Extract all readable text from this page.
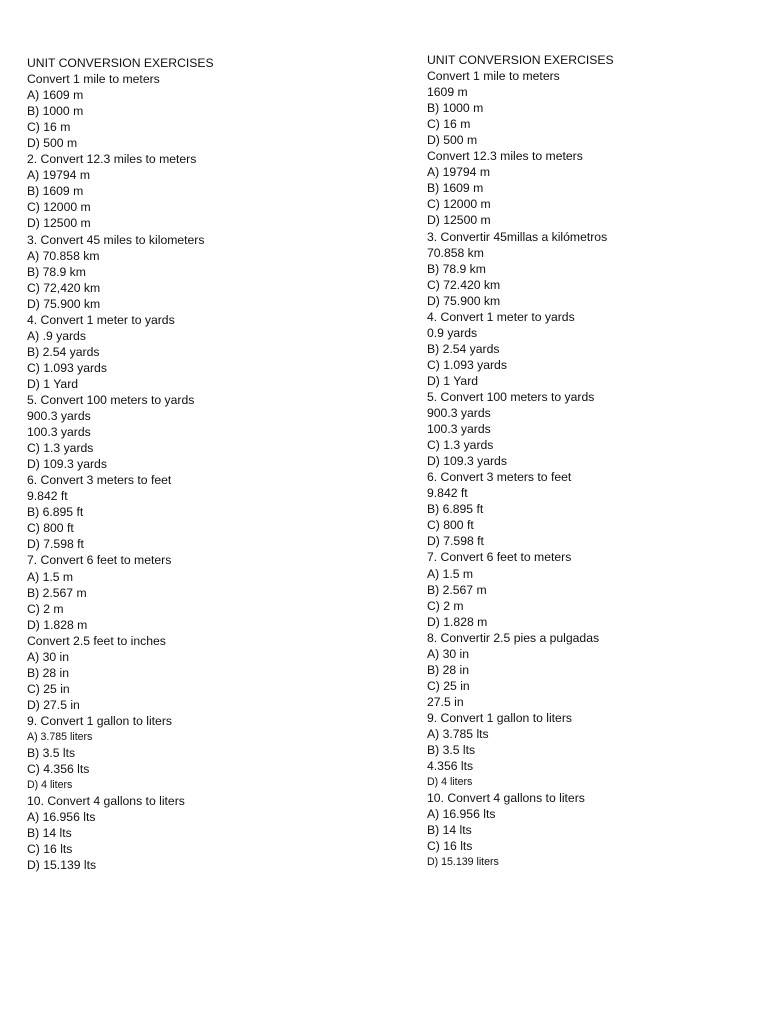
UNIT CONVERSION EXERCISES
Convert 1 mile to meters
A) 1609 m
B) 1000 m
C) 16 m
D) 500 m
2. Convert 12.3 miles to meters
A) 19794 m
B) 1609 m
C) 12000 m
D) 12500 m
3. Convert 45 miles to kilometers
A) 70.858 km
B) 78.9 km
C) 72,420 km
D) 75.900 km
4. Convert 1 meter to yards
A) .9 yards
B) 2.54 yards
C) 1.093 yards
D) 1 Yard
5. Convert 100 meters to yards
900.3 yards
100.3 yards
C) 1.3 yards
D) 109.3 yards
6. Convert 3 meters to feet
9.842 ft
B) 6.895 ft
C) 800 ft
D) 7.598 ft
7. Convert 6 feet to meters
A) 1.5 m
B) 2.567 m
C) 2 m
D) 1.828 m
Convert 2.5 feet to inches
A) 30 in
B) 28 in
C) 25 in
D) 27.5 in
9. Convert 1 gallon to liters
A) 3.785 liters
B) 3.5 lts
C) 4.356 lts
D) 4 liters
10. Convert 4 gallons to liters
A) 16.956 lts
B) 14 lts
C) 16 lts
D) 15.139 lts
UNIT CONVERSION EXERCISES
Convert 1 mile to meters
1609 m
B) 1000 m
C) 16 m
D) 500 m
Convert 12.3 miles to meters
A) 19794 m
B) 1609 m
C) 12000 m
D) 12500 m
3. Convertir 45millas a kilómetros
70.858 km
B) 78.9 km
C) 72.420 km
D) 75.900 km
4. Convert 1 meter to yards
0.9 yards
B) 2.54 yards
C) 1.093 yards
D) 1 Yard
5. Convert 100 meters to yards
900.3 yards
100.3 yards
C) 1.3 yards
D) 109.3 yards
6. Convert 3 meters to feet
9.842 ft
B) 6.895 ft
C) 800 ft
D) 7.598 ft
7. Convert 6 feet to meters
A) 1.5 m
B) 2.567 m
C) 2 m
D) 1.828 m
8. Convertir 2.5 pies a pulgadas
A) 30 in
B) 28 in
C) 25 in
27.5 in
9. Convert 1 gallon to liters
A) 3.785 lts
B) 3.5 lts
4.356 lts
D) 4 liters
10. Convert 4 gallons to liters
A) 16.956 lts
B) 14 lts
C) 16 lts
D) 15.139 liters
